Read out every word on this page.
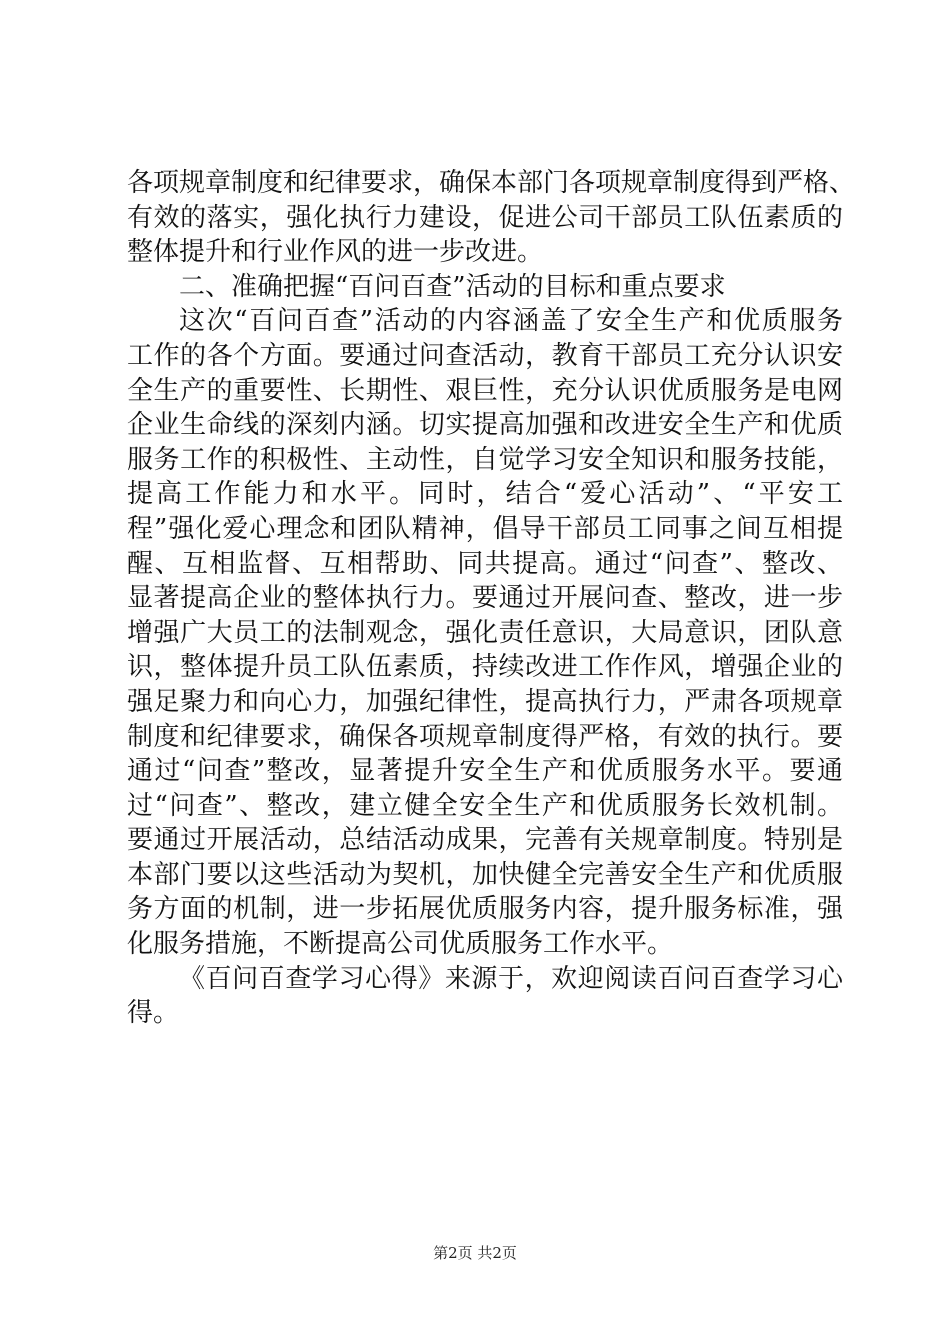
各项规章制度和纪律要求，确保本部门各项规章制度得到严格、
有效的落实，强化执行力建设，促进公司干部员工队伍素质的
整体提升和行业作风的进一步改进。
二、准确把握“百问百查”活动的目标和重点要求
这次“百问百查”活动的内容涵盖了安全生产和优质服务
工作的各个方面。要通过问查活动，教育干部员工充分认识安
全生产的重要性、长期性、艰巨性，充分认识优质服务是电网
企业生命线的深刻内涵。切实提高加强和改进安全生产和优质
服务工作的积极性、主动性，自觉学习安全知识和服务技能，
提高工作能力和水平。同时，结合“爱心活动”、“平安工
程”强化爱心理念和团队精神，倡导干部员工同事之间互相提
醒、互相监督、互相帮助、同共提高。通过“问查”、整改、
显著提高企业的整体执行力。要通过开展问查、整改，进一步
增强广大员工的法制观念，强化责任意识，大局意识，团队意
识，整体提升员工队伍素质，持续改进工作作风，增强企业的
强足聚力和向心力，加强纪律性，提高执行力，严肃各项规章
制度和纪律要求，确保各项规章制度得严格，有效的执行。要
通过“问查”整改，显著提升安全生产和优质服务水平。要通
过“问查”、整改，建立健全安全生产和优质服务长效机制。
要通过开展活动，总结活动成果，完善有关规章制度。特别是
本部门要以这些活动为契机，加快健全完善安全生产和优质服
务方面的机制，进一步拓展优质服务内容，提升服务标准，强
化服务措施，不断提高公司优质服务工作水平。
《百问百查学习心得》来源于，欢迎阅读百问百查学习心
得。
第2页 共2页
